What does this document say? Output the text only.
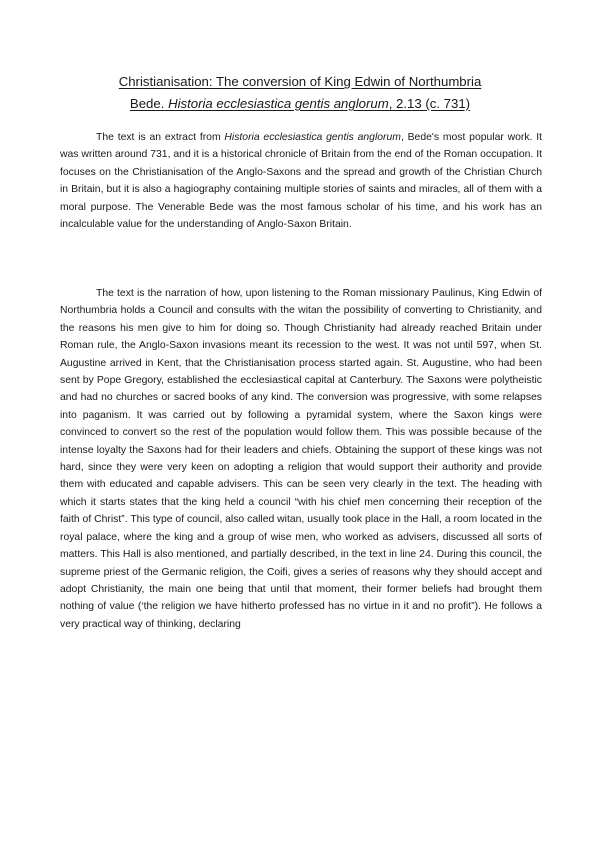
Christianisation: The conversion of King Edwin of Northumbria
Bede. Historia ecclesiastica gentis anglorum, 2.13 (c. 731)

The text is an extract from Historia ecclesiastica gentis anglorum, Bede's most popular work. It was written around 731, and it is a historical chronicle of Britain from the end of the Roman occupation. It focuses on the Christianisation of the Anglo-Saxons and the spread and growth of the Christian Church in Britain, but it is also a hagiography containing multiple stories of saints and miracles, all of them with a moral purpose. The Venerable Bede was the most famous scholar of his time, and his work has an incalculable value for the understanding of Anglo-Saxon Britain.

The text is the narration of how, upon listening to the Roman missionary Paulinus, King Edwin of Northumbria holds a Council and consults with the witan the possibility of converting to Christianity, and the reasons his men give to him for doing so. Though Christianity had already reached Britain under Roman rule, the Anglo-Saxon invasions meant its recession to the west. It was not until 597, when St. Augustine arrived in Kent, that the Christianisation process started again. St. Augustine, who had been sent by Pope Gregory, established the ecclesiastical capital at Canterbury. The Saxons were polytheistic and had no churches or sacred books of any kind. The conversion was progressive, with some relapses into paganism. It was carried out by following a pyramidal system, where the Saxon kings were convinced to convert so the rest of the population would follow them. This was possible because of the intense loyalty the Saxons had for their leaders and chiefs. Obtaining the support of these kings was not hard, since they were very keen on adopting a religion that would support their authority and provide them with educated and capable advisers. This can be seen very clearly in the text. The heading with which it starts states that the king held a council “with his chief men concerning their reception of the faith of Christ”. This type of council, also called witan, usually took place in the Hall, a room located in the royal palace, where the king and a group of wise men, who worked as advisers, discussed all sorts of matters. This Hall is also mentioned, and partially described, in the text in line 24. During this council, the supreme priest of the Germanic religion, the Coifi, gives a series of reasons why they should accept and adopt Christianity, the main one being that until that moment, their former beliefs had brought them nothing of value (‘the religion we have hitherto professed has no virtue in it and no profit”). He follows a very practical way of thinking, declaring
